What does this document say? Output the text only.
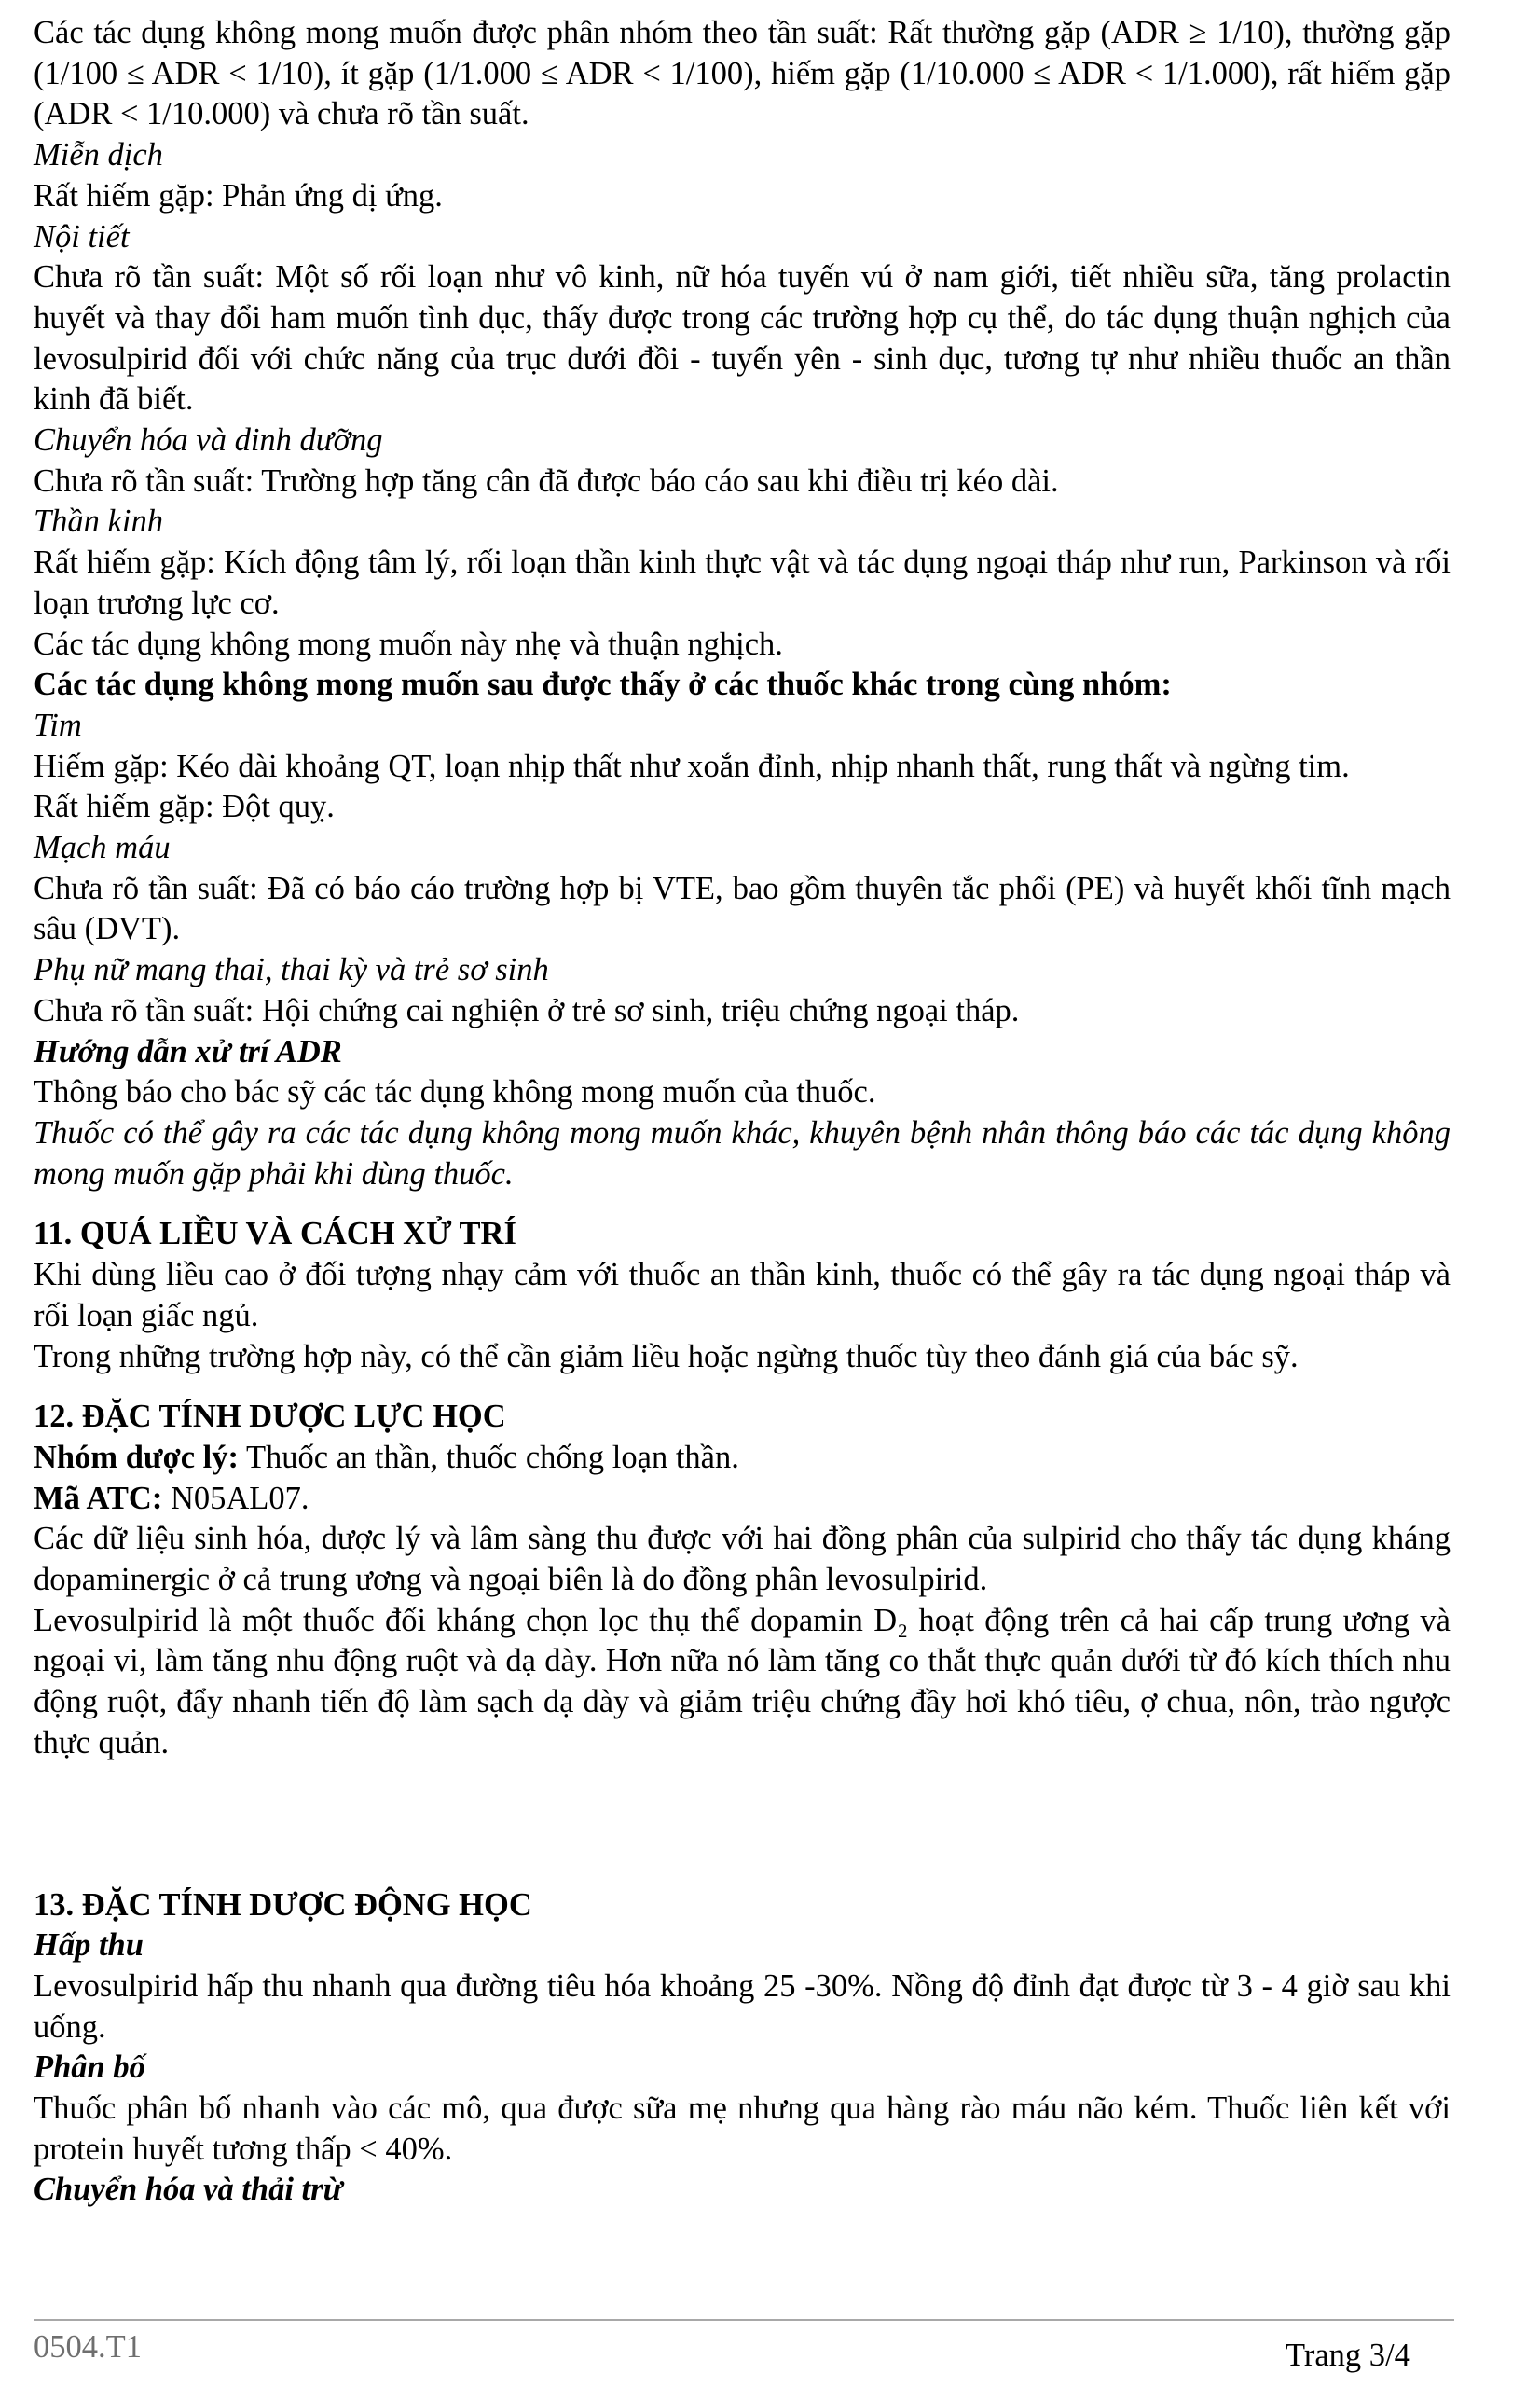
Các tác dụng không mong muốn được phân nhóm theo tần suất: Rất thường gặp (ADR ≥ 1/10), thường gặp (1/100 ≤ ADR < 1/10), ít gặp (1/1.000 ≤ ADR < 1/100), hiếm gặp (1/10.000 ≤ ADR < 1/1.000), rất hiếm gặp (ADR < 1/10.000) và chưa rõ tần suất.

Miễn dịch

Rất hiếm gặp: Phản ứng dị ứng.

Nội tiết

Chưa rõ tần suất: Một số rối loạn như vô kinh, nữ hóa tuyến vú ở nam giới, tiết nhiều sữa, tăng prolactin huyết và thay đổi ham muốn tình dục, thấy được trong các trường hợp cụ thể, do tác dụng thuận nghịch của levosulpirid đối với chức năng của trục dưới đồi - tuyến yên - sinh dục, tương tự như nhiều thuốc an thần kinh đã biết.

Chuyển hóa và dinh dưỡng

Chưa rõ tần suất: Trường hợp tăng cân đã được báo cáo sau khi điều trị kéo dài.

Thần kinh

Rất hiếm gặp: Kích động tâm lý, rối loạn thần kinh thực vật và tác dụng ngoại tháp như run, Parkinson và rối loạn trương lực cơ.

Các tác dụng không mong muốn này nhẹ và thuận nghịch.

Các tác dụng không mong muốn sau được thấy ở các thuốc khác trong cùng nhóm:

Tim

Hiếm gặp: Kéo dài khoảng QT, loạn nhịp thất như xoắn đỉnh, nhịp nhanh thất, rung thất và ngừng tim.

Rất hiếm gặp: Đột quỵ.

Mạch máu

Chưa rõ tần suất: Đã có báo cáo trường hợp bị VTE, bao gồm thuyên tắc phổi (PE) và huyết khối tĩnh mạch sâu (DVT).

Phụ nữ mang thai, thai kỳ và trẻ sơ sinh

Chưa rõ tần suất: Hội chứng cai nghiện ở trẻ sơ sinh, triệu chứng ngoại tháp.

Hướng dẫn xử trí ADR

Thông báo cho bác sỹ các tác dụng không mong muốn của thuốc.

Thuốc có thể gây ra các tác dụng không mong muốn khác, khuyên bệnh nhân thông báo các tác dụng không mong muốn gặp phải khi dùng thuốc.

11. QUÁ LIỀU VÀ CÁCH XỬ TRÍ

Khi dùng liều cao ở đối tượng nhạy cảm với thuốc an thần kinh, thuốc có thể gây ra tác dụng ngoại tháp và rối loạn giấc ngủ.

Trong những trường hợp này, có thể cần giảm liều hoặc ngừng thuốc tùy theo đánh giá của bác sỹ.

12. ĐẶC TÍNH DƯỢC LỰC HỌC

Nhóm dược lý: Thuốc an thần, thuốc chống loạn thần.

Mã ATC: N05AL07.

Các dữ liệu sinh hóa, dược lý và lâm sàng thu được với hai đồng phân của sulpirid cho thấy tác dụng kháng dopaminergic ở cả trung ương và ngoại biên là do đồng phân levosulpirid.

Levosulpirid là một thuốc đối kháng chọn lọc thụ thể dopamin D₂ hoạt động trên cả hai cấp trung ương và ngoại vi, làm tăng nhu động ruột và dạ dày. Hơn nữa nó làm tăng co thắt thực quản dưới từ đó kích thích nhu động ruột, đẩy nhanh tiến độ làm sạch dạ dày và giảm triệu chứng đầy hơi khó tiêu, ợ chua, nôn, trào ngược thực quản.

13. ĐẶC TÍNH DƯỢC ĐỘNG HỌC

Hấp thu

Levosulpirid hấp thu nhanh qua đường tiêu hóa khoảng 25 -30%. Nồng độ đỉnh đạt được từ 3 - 4 giờ sau khi uống.

Phân bố

Thuốc phân bố nhanh vào các mô, qua được sữa mẹ nhưng qua hàng rào máu não kém. Thuốc liên kết với protein huyết tương thấp < 40%.

Chuyển hóa và thải trừ

0504.T1	Trang 3/4
